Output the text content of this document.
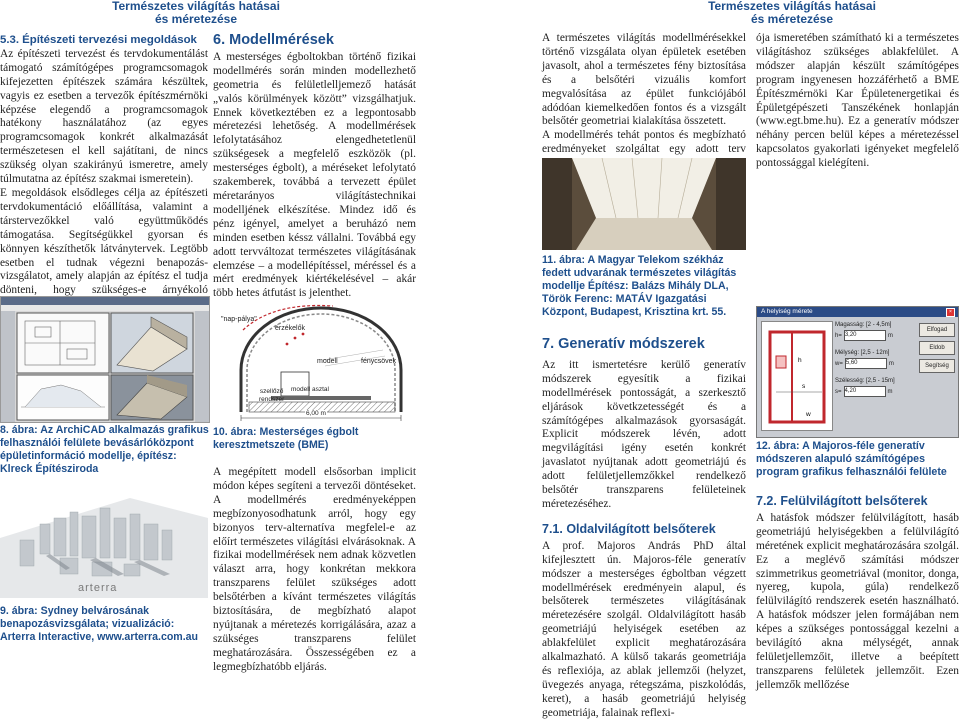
Természetes világítás hatásai
és méretezése
Természetes világítás hatásai
és méretezése

5.3. Építészeti tervezési megoldások

Az építészeti tervezést és tervdokumentálást támogató számítógépes programcsomagok kifejezetten építészek számára készültek, vagyis ez esetben a tervezők építészmérnöki képzése elegendő a programcsomagok hatékony használatához (az egyes programcsomagok konkrét alkalmazását természetesen el kell sajátítani, de nincs szükség olyan szakirányú ismeretre, amely túlmutatna az építész szakmai ismeretein).

E megoldások elsődleges célja az építészeti tervdokumentáció előállítása, valamint a társtervezőkkel való együttműködés támogatása. Segítségükkel gyorsan és könnyen készíthetők látványtervek. Legtöbb esetben el tudnak végezni benapozás-vizsgálatot, amely alapján az építész el tudja dönteni, hogy szükséges-e árnyékoló

8. ábra: Az ArchiCAD alkalmazás grafikus felhasználói felülete bevásárlóközpont épületinformáció modellje, építész: Klreck Építésziroda
arterra
9. ábra: Sydney belvárosának benapozásvizsgálata; vizualizáció: Arterra Interactive, www.arterra.com.au

6. Modellmérések

A mesterséges égboltokban történő fizikai modellmérés során minden modellezhető geometria és felületlelljemező hatását „valós körülmények között” vizsgálhatjuk. Ennek következtében ez a legpontosabb méretezési lehetőség. A modellmérések lefolytatásához elengedhetetlenül szükségesek a megfelelő eszközök (pl. mesterséges égbolt), a méréseket lefolytató szakemberek, továbbá a tervezett épület méretarányos világítástechnikai modelljének elkészítése. Mindez idő és pénz igényel, amelyet a beruházó nem minden esetben késsz vállalni. Továbbá egy adott tervváltozat természetes világításának elemzése – a modellépítéssel, méréssel és a mért eredmények kiértékelésével – akár több hetes átfutást is jelenthet.

"nap-pálya"
érzékelők
modell	fénycsövek
szellőző
rendszer
modell asztal
6,00 m
10. ábra: Mesterséges égbolt keresztmetszete (BME)

A megépített modell elsősorban implicit módon képes segíteni a tervezői döntéseket. A modellmérés eredményeképpen megbízonyosodhatunk arról, hogy egy bizonyos terv-alternatíva megfelel-e az előírt természetes világítási elvárásoknak. A fizikai modellmérések nem adnak közvetlen választ arra, hogy konkrétan mekkora transzparens felület szükséges adott belsőtérben a kívánt természetes világítás biztosítására, de megbízható alapot nyújtanak a méretezés korrigálására, azaz a szükséges transzparens felület meghatározására. Összességében ez a legmegbízhatóbb eljárás.

A természetes világítás modellmérésekkel történő vizsgálata olyan épületek esetében javasolt, ahol a természetes fény biztosítása és a belsőtéri vizuális komfort megvalósítása az épület funkciójából adódóan kiemelkedően fontos és a vizsgált belsőtér geometriai kialakítása összetett.

A modellmérés tehát pontos és megbízható eredményeket szolgáltat egy adott terv

11. ábra: A Magyar Telekom székház fedett udvarának természetes világítás modellje Építész: Balázs Mihály DLA, Török Ferenc: MATÁV Igazgatási Központ, Budapest, Krisztina krt. 55.

7. Generatív módszerek

Az itt ismertetésre kerülő generatív módszerek egyesítik a fizikai modellmérések pontosságát, a szerkesztő eljárások követkzetességét és a számítógépes alkalmazások gyorsaságát. Explicit módszerek lévén, adott megvilágítási igény esetén konkrét javaslatot nyújtanak adott geometriájú és adott felületjellemzőkkel rendelkező belsőtér transzparens felületeinek méretezéséhez.

7.1. Oldalvilágított belsőterek

A prof. Majoros András PhD által kifejlesztett ún. Majoros-féle generatív módszer a mesterséges égboltban végzett modellmérések eredményein alapul, és belsőterek természetes világításának méretezésére szolgál. Oldalvilágított hasáb geometriájú helyiségek esetében az ablakfelület explicit meghatározására alkalmazható. A külső takarás geometriája és reflexiója, az ablak jellemzői (helyzet, üvegezés anyaga, rétegszáma, piszkolódás, keret), a hasáb geometriájú helyiség geometriája, falainak reflexi-

ója ismeretében számítható ki a természetes világításhoz szükséges ablakfelület. A módszer alapján készült számítógépes program ingyenesen hozzáférhető a BME Építészmérnöki Kar Épületenergetikai és Épületgépészeti Tanszékének honlapján (www.egt.bme.hu). Ez a generatív módszer néhány percen belül képes a méretezéssel kapcsolatos gyakorlati igényeket megfelelő pontossággal kielégíteni.

A helyiség mérete	×
h
s
w
Magasság: [2 - 4,5m]
h= 3,20	m
Mélység: [2,5 - 12m]
w= 5,60	m
Szélesség: [2,5 - 15m]
s= 4,20	m
Elfogad
Eldob
Segítség
12. ábra: A Majoros-féle generatív módszeren alapuló számítógépes program grafikus felhasználói felülete

7.2. Felülvilágított belsőterek

A hatásfok módszer felülvilágított, hasáb geometriájú helyiségekben a felülvilágító méretének explicit meghatározására szolgál. Ez a meglévő számítási módszer szimmetrikus geometriával (monitor, donga, nyereg, kupola, gúla) rendelkező felülvilágító rendszerek esetén használható. A hatásfok módszer jelen formájában nem képes a szükséges pontossággal kezelni a bevilágító akna mélységét, annak felületjellemzőit, illetve a beépített transzparens felületek jellemzőit. Ezen jellemzők mellőzése
